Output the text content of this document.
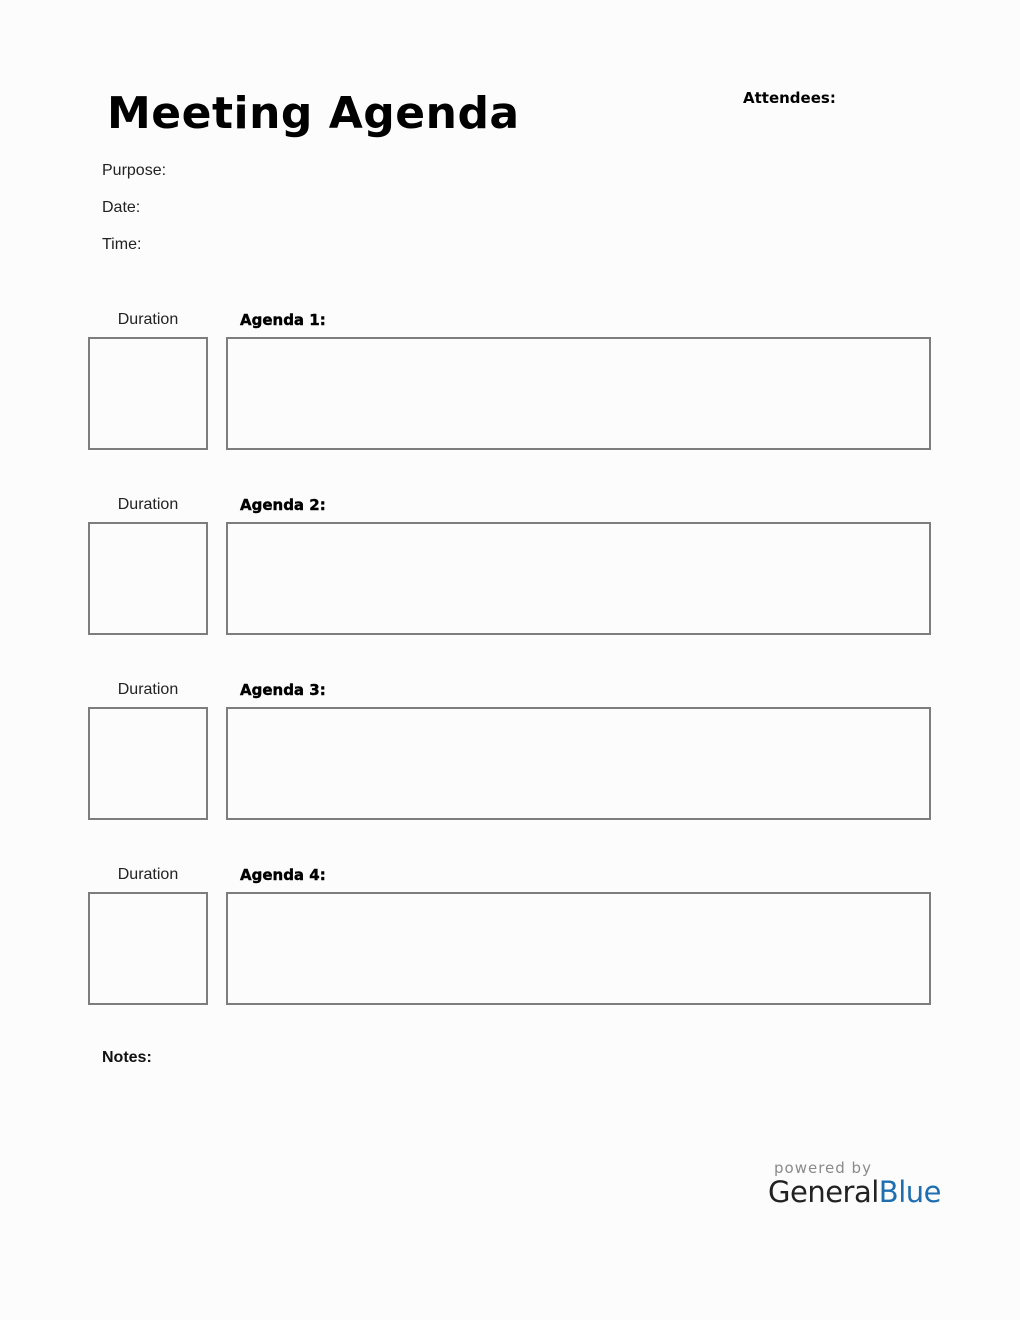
Meeting Agenda	Attendees:
Purpose:
Date:
Time:
Duration	Agenda 1:
Duration	Agenda 2:
Duration	Agenda 3:
Duration	Agenda 4:
Notes:
powered by
GeneralBlue
